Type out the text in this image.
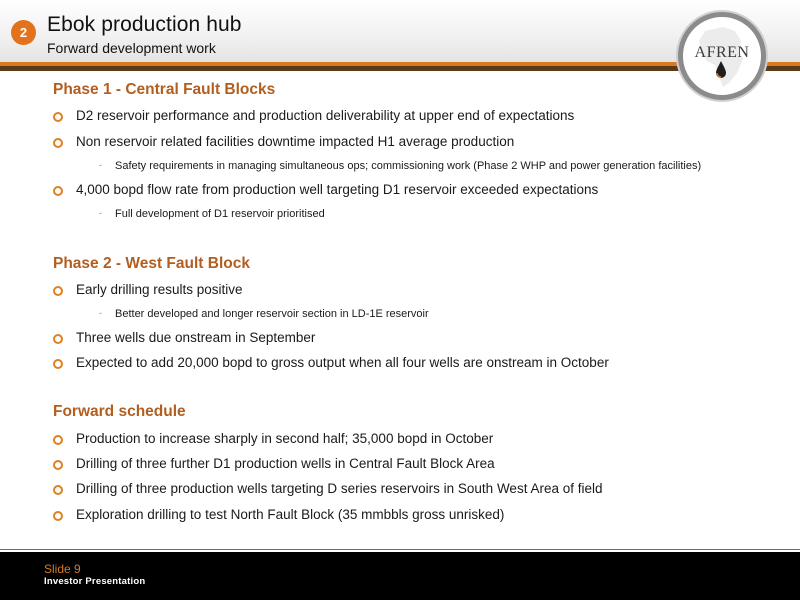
2 Ebok production hub
Forward development work	AFREN
Phase 1 - Central Fault Blocks
D2 reservoir performance and production deliverability at upper end of expectations
Non reservoir related facilities downtime impacted H1 average production
- Safety requirements in managing simultaneous ops; commissioning work (Phase 2 WHP and power generation facilities)
4,000 bopd flow rate from production well targeting D1 reservoir exceeded expectations
- Full development of D1 reservoir prioritised
Phase 2 - West Fault Block
Early drilling results positive
- Better developed and longer reservoir section in LD-1E reservoir
Three wells due onstream in September
Expected to add 20,000 bopd to gross output when all four wells are onstream in October
Forward schedule
Production to increase sharply in second half; 35,000 bopd in October
Drilling of three further D1 production wells in Central Fault Block Area
Drilling of three production wells targeting D series reservoirs in South West Area of field
Exploration drilling to test North Fault Block (35 mmbbls gross unrisked)
Slide 9
Investor Presentation
